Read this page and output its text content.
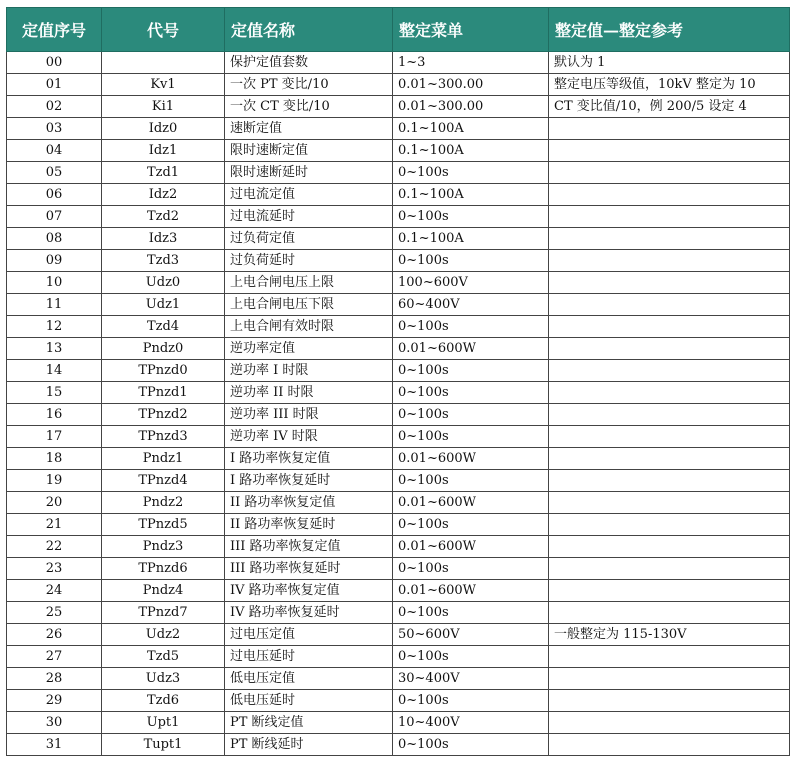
定值序号	代号	定值名称	整定菜单	整定值—整定参考
00		保护定值套数	1~3	默认为 1
01	Kv1	一次 PT 变比/10	0.01~300.00	整定电压等级值，10kV 整定为 10
02	Ki1	一次 CT 变比/10	0.01~300.00	CT 变比值/10，例 200/5 设定 4
03	Idz0	速断定值	0.1~100A	
04	Idz1	限时速断定值	0.1~100A	
05	Tzd1	限时速断延时	0~100s	
06	Idz2	过电流定值	0.1~100A	
07	Tzd2	过电流延时	0~100s	
08	Idz3	过负荷定值	0.1~100A	
09	Tzd3	过负荷延时	0~100s	
10	Udz0	上电合闸电压上限	100~600V	
11	Udz1	上电合闸电压下限	60~400V	
12	Tzd4	上电合闸有效时限	0~100s	
13	Pndz0	逆功率定值	0.01~600W	
14	TPnzd0	逆功率 I 时限	0~100s	
15	TPnzd1	逆功率 II 时限	0~100s	
16	TPnzd2	逆功率 III 时限	0~100s	
17	TPnzd3	逆功率 IV 时限	0~100s	
18	Pndz1	I 路功率恢复定值	0.01~600W	
19	TPnzd4	I 路功率恢复延时	0~100s	
20	Pndz2	II 路功率恢复定值	0.01~600W	
21	TPnzd5	II 路功率恢复延时	0~100s	
22	Pndz3	III 路功率恢复定值	0.01~600W	
23	TPnzd6	III 路功率恢复延时	0~100s	
24	Pndz4	IV 路功率恢复定值	0.01~600W	
25	TPnzd7	IV 路功率恢复延时	0~100s	
26	Udz2	过电压定值	50~600V	一般整定为 115-130V
27	Tzd5	过电压延时	0~100s	
28	Udz3	低电压定值	30~400V	
29	Tzd6	低电压延时	0~100s	
30	Upt1	PT 断线定值	10~400V	
31	Tupt1	PT 断线延时	0~100s	
